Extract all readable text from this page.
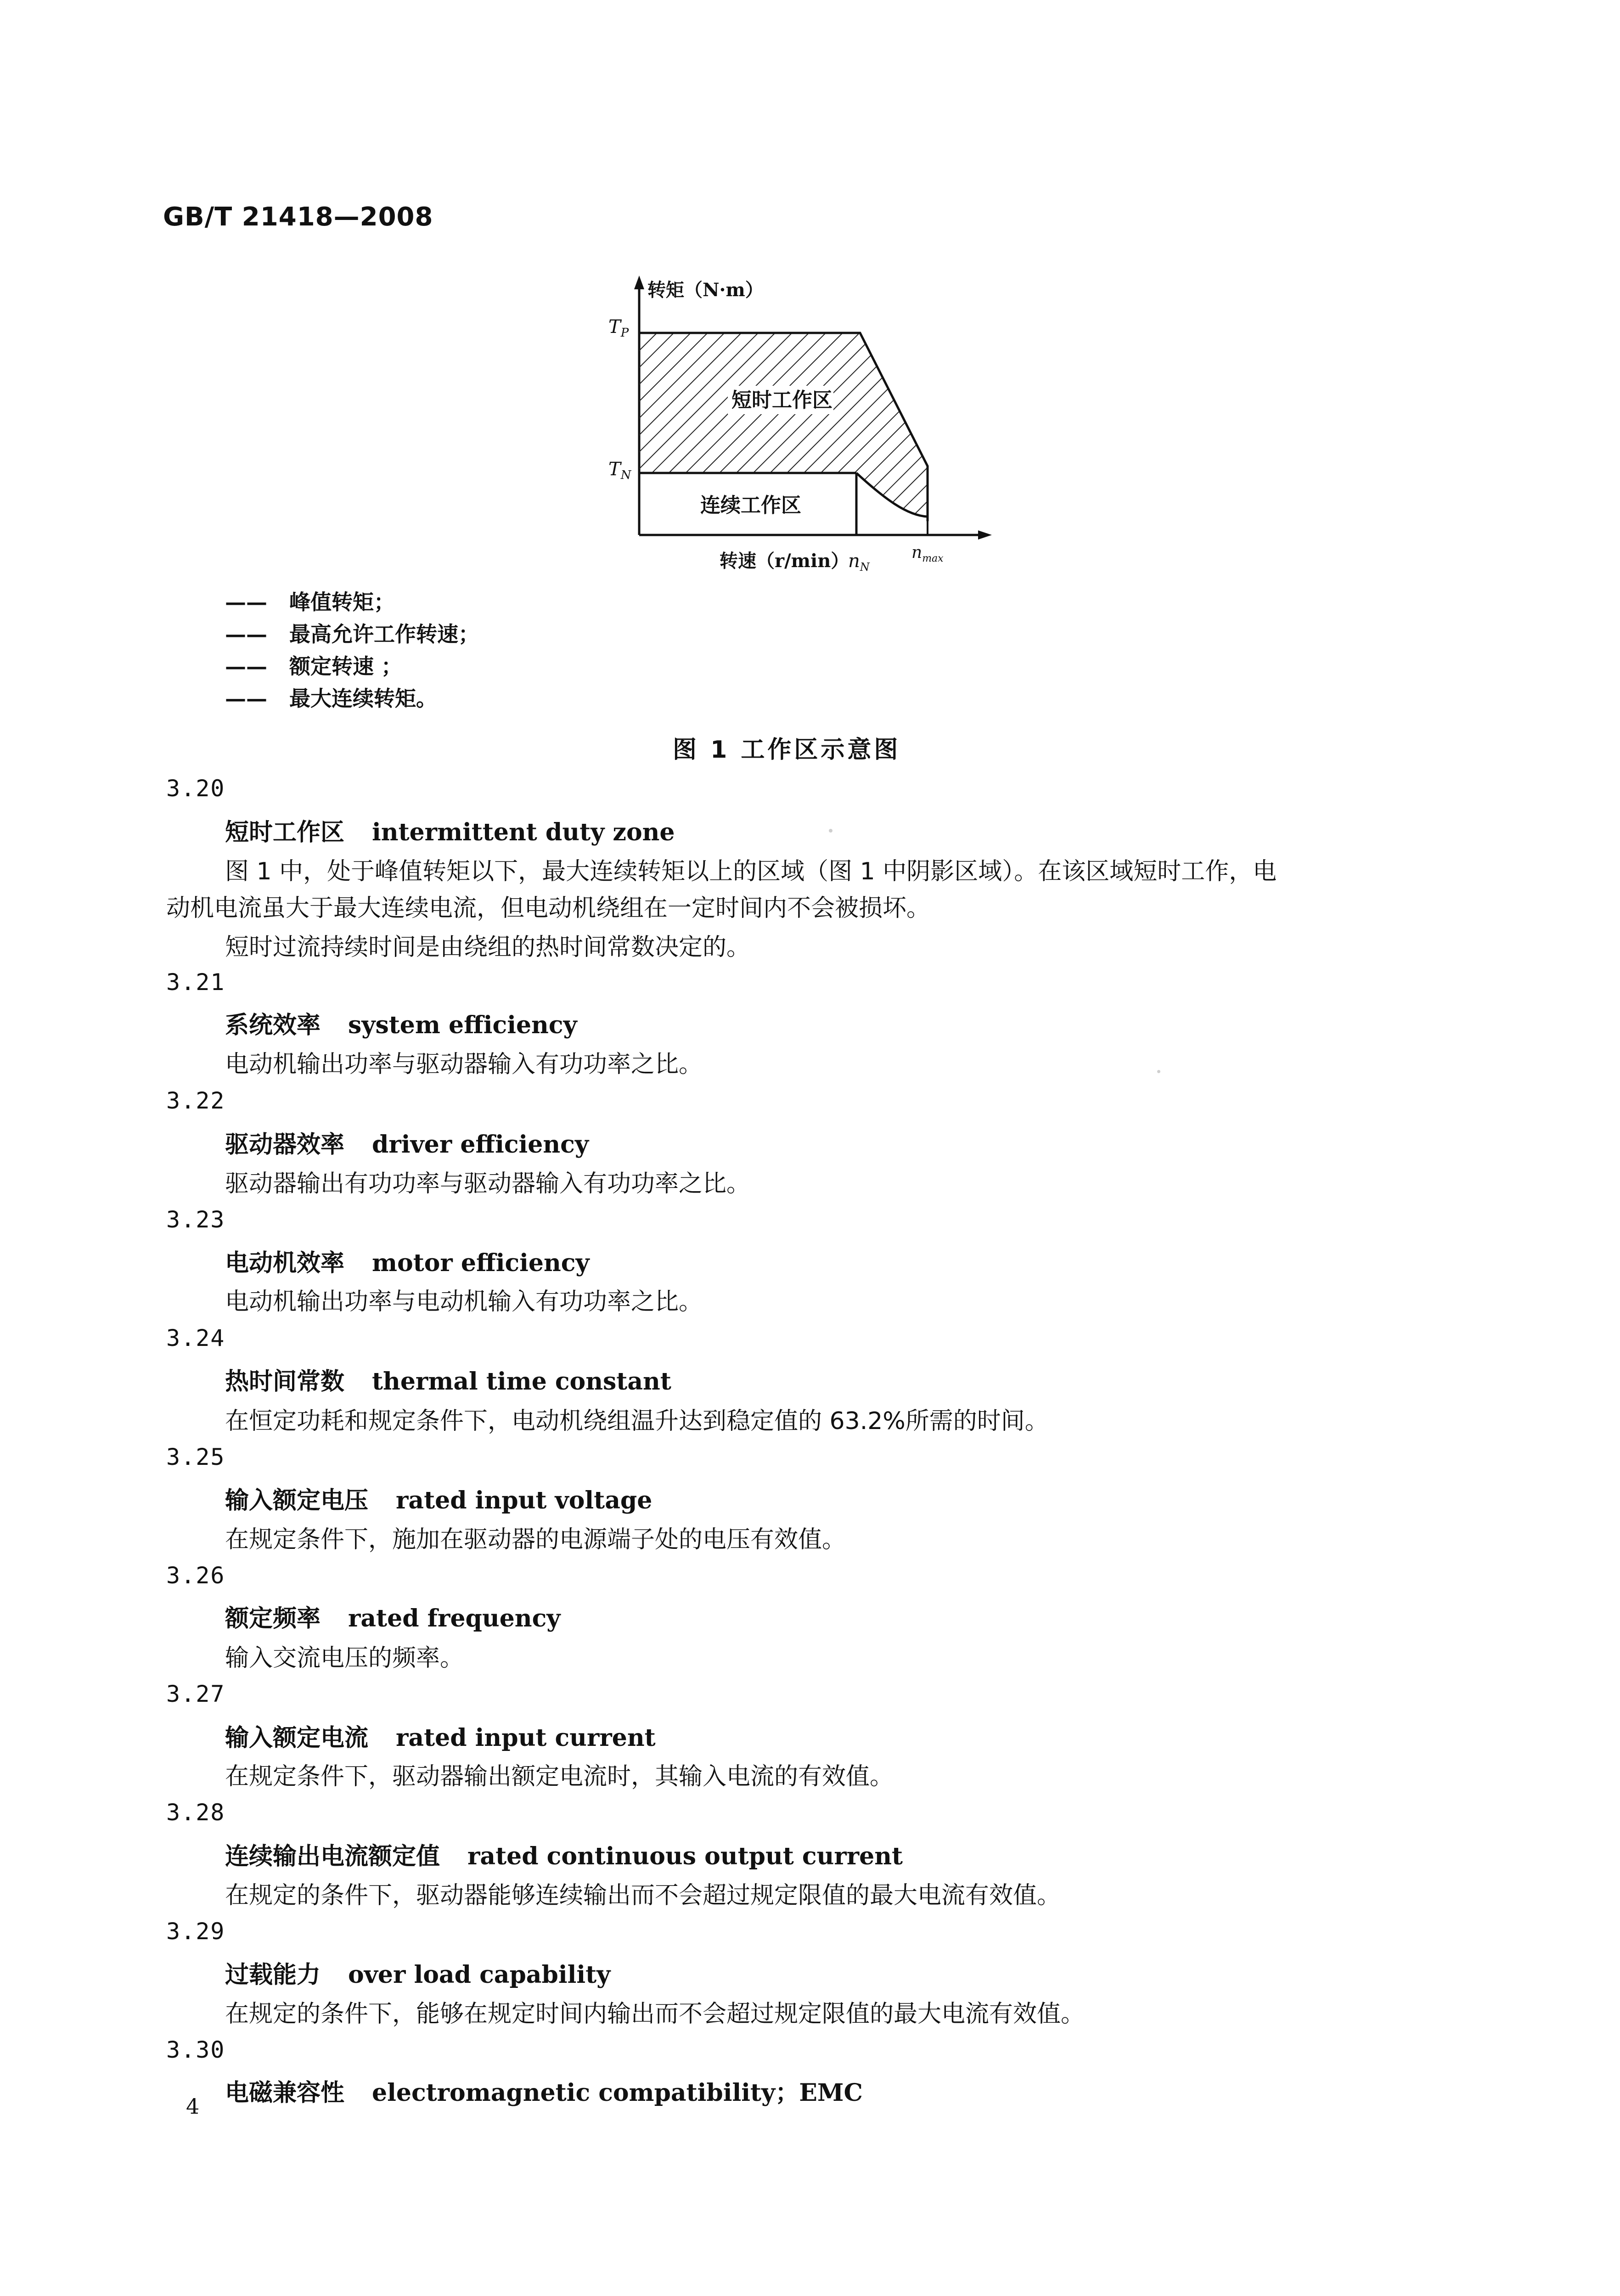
GB/T 21418—2008
转矩（N·m）
$T_P$
$T_N$
短时工作区
连续工作区
转速（r/min）
$n_N$
$n_{max}$
—— 峰值转矩；
—— 最高允许工作转速；
—— 额定转速 ；
—— 最大连续转矩。
图 1 工作区示意图
3.20
短时工作区 intermittent duty zone
图 1 中，处于峰值转矩以下，最大连续转矩以上的区域（图 1 中阴影区域）。在该区域短时工作，电
动机电流虽大于最大连续电流，但电动机绕组在一定时间内不会被损坏。
短时过流持续时间是由绕组的热时间常数决定的。
3.21
系统效率 system efficiency
电动机输出功率与驱动器输入有功功率之比。
3.22
驱动器效率 driver efficiency
驱动器输出有功功率与驱动器输入有功功率之比。
3.23
电动机效率 motor efficiency
电动机输出功率与电动机输入有功功率之比。
3.24
热时间常数 thermal time constant
在恒定功耗和规定条件下，电动机绕组温升达到稳定值的 63.2%所需的时间。
3.25
输入额定电压 rated input voltage
在规定条件下，施加在驱动器的电源端子处的电压有效值。
3.26
额定频率 rated frequency
输入交流电压的频率。
3.27
输入额定电流 rated input current
在规定条件下，驱动器输出额定电流时，其输入电流的有效值。
3.28
连续输出电流额定值 rated continuous output current
在规定的条件下，驱动器能够连续输出而不会超过规定限值的最大电流有效值。
3.29
过载能力 over load capability
在规定的条件下，能够在规定时间内输出而不会超过规定限值的最大电流有效值。
3.30
电磁兼容性 electromagnetic compatibility；EMC
4
